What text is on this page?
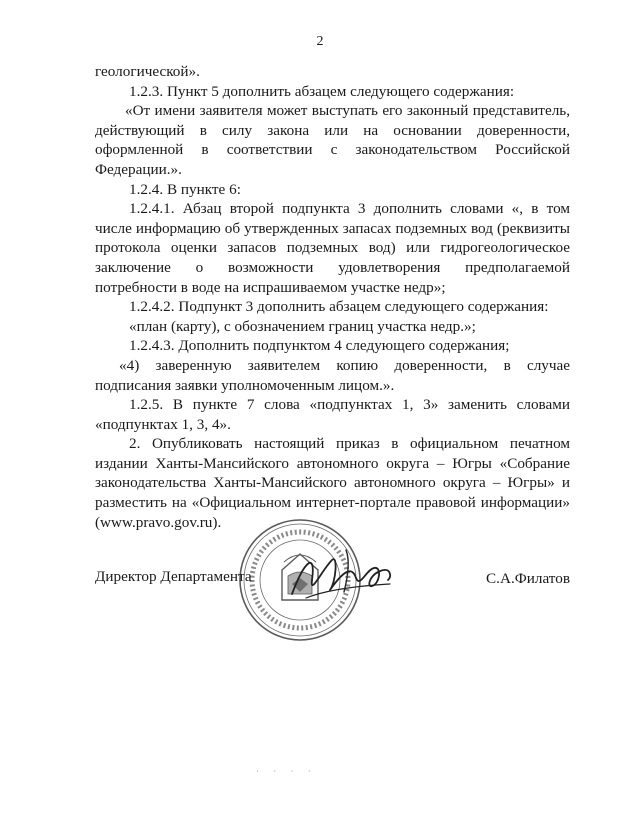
2

геологической».

1.2.3. Пункт 5 дополнить абзацем следующего содержания:

«От имени заявителя может выступать его законный представитель, действующий в силу закона или на основании доверенности, оформленной в соответствии с законодательством Российской Федерации.».

1.2.4. В пункте 6:

1.2.4.1. Абзац второй подпункта 3 дополнить словами «, в том числе информацию об утвержденных запасах подземных вод (реквизиты протокола оценки запасов подземных вод) или гидрогеологическое заключение о возможности удовлетворения предполагаемой потребности в воде на испрашиваемом участке недр»;

1.2.4.2. Подпункт 3 дополнить абзацем следующего содержания:

«план (карту), с обозначением границ участка недр.»;

1.2.4.3. Дополнить подпунктом 4 следующего содержания;

«4) заверенную заявителем копию доверенности, в случае подписания заявки уполномоченным лицом.».

1.2.5. В пункте 7 слова «подпунктах 1, 3» заменить словами «подпунктах 1, 3, 4».

2. Опубликовать настоящий приказ в официальном печатном издании Ханты-Мансийского автономного округа – Югры «Собрание законодательства Ханты-Мансийского автономного округа – Югры» и разместить на «Официальном интернет-портале правовой информации» (www.pravo.gov.ru).

Директор Департамента	С.А.Филатов
· · · ·
